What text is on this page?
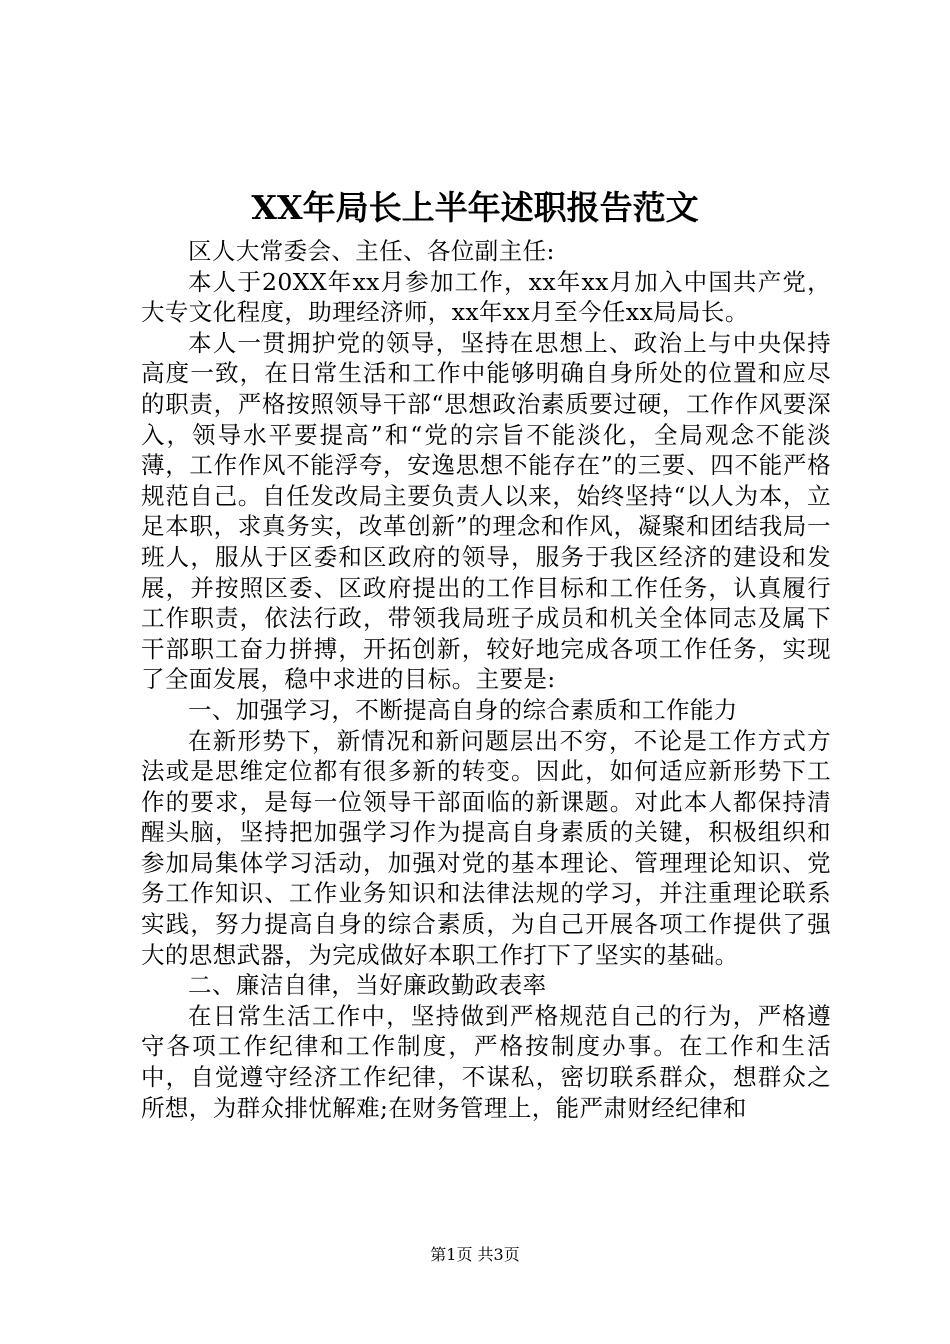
XX年局长上半年述职报告范文

区人大常委会、主任、各位副主任:

本人于20XX年xx月参加工作，xx年xx月加入中国共产党，大专文化程度，助理经济师，xx年xx月至今任xx局局长。

本人一贯拥护党的领导，坚持在思想上、政治上与中央保持高度一致，在日常生活和工作中能够明确自身所处的位置和应尽的职责，严格按照领导干部“思想政治素质要过硬，工作作风要深入，领导水平要提高”和“党的宗旨不能淡化，全局观念不能淡薄，工作作风不能浮夸，安逸思想不能存在”的三要、四不能严格规范自己。自任发改局主要负责人以来，始终坚持“以人为本，立足本职，求真务实，改革创新”的理念和作风，凝聚和团结我局一班人，服从于区委和区政府的领导，服务于我区经济的建设和发展，并按照区委、区政府提出的工作目标和工作任务，认真履行工作职责，依法行政，带领我局班子成员和机关全体同志及属下干部职工奋力拼搏，开拓创新，较好地完成各项工作任务，实现了全面发展，稳中求进的目标。主要是:

一、加强学习，不断提高自身的综合素质和工作能力

在新形势下，新情况和新问题层出不穷，不论是工作方式方法或是思维定位都有很多新的转变。因此，如何适应新形势下工作的要求，是每一位领导干部面临的新课题。对此本人都保持清醒头脑，坚持把加强学习作为提高自身素质的关键，积极组织和参加局集体学习活动，加强对党的基本理论、管理理论知识、党务工作知识、工作业务知识和法律法规的学习，并注重理论联系实践，努力提高自身的综合素质，为自己开展各项工作提供了强大的思想武器，为完成做好本职工作打下了坚实的基础。

二、廉洁自律，当好廉政勤政表率

在日常生活工作中，坚持做到严格规范自己的行为，严格遵守各项工作纪律和工作制度，严格按制度办事。在工作和生活中，自觉遵守经济工作纪律，不谋私，密切联系群众，想群众之所想，为群众排忧解难;在财务管理上，能严肃财经纪律和

第1页 共3页
